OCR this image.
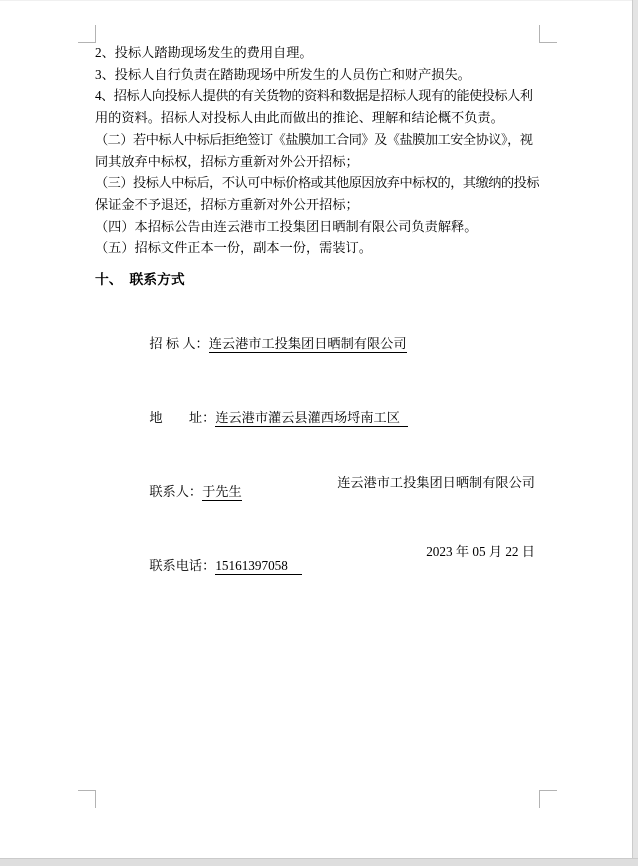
2、投标人踏勘现场发生的费用自理。
3、投标人自行负责在踏勘现场中所发生的人员伤亡和财产损失。
4、招标人向投标人提供的有关货物的资料和数据是招标人现有的能使投标人利
用的资料。招标人对投标人由此而做出的推论、理解和结论概不负责。
（二）若中标人中标后拒绝签订《盐膜加工合同》及《盐膜加工安全协议》，视
同其放弃中标权，招标方重新对外公开招标；
（三）投标人中标后，不认可中标价格或其他原因放弃中标权的，其缴纳的投标
保证金不予退还，招标方重新对外公开招标；
（四）本招标公告由连云港市工投集团日晒制有限公司负责解释。
（五）招标文件正本一份，副本一份，需装订。
十、　联系方式

招 标 人：连云港市工投集团日晒制有限公司

地　　址：连云港市灌云县灌西场埒南工区

联系人：于先生

联系电话：15161397058

连云港市工投集团日晒制有限公司

2023 年 05 月 22 日
